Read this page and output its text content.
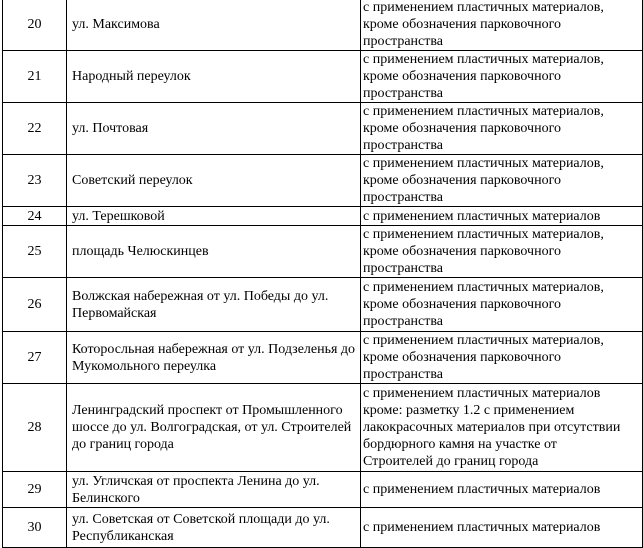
20	ул. Максимова	с применением пластичных материалов,
кроме обозначения парковочного
пространства

21	Народный переулок	с применением пластичных материалов,
кроме обозначения парковочного
пространства

22	ул. Почтовая	с применением пластичных материалов,
кроме обозначения парковочного
пространства

23	Советский переулок	с применением пластичных материалов,
кроме обозначения парковочного
пространства

24	ул. Терешковой	с применением пластичных материалов

25	площадь Челюскинцев	с применением пластичных материалов,
кроме обозначения парковочного
пространства

26	Волжская набережная от ул. Победы до ул. Первомайская	с применением пластичных материалов,
кроме обозначения парковочного
пространства

27	Которосльная набережная от ул. Подзеленья до Мукомольного переулка	с применением пластичных материалов,
кроме обозначения парковочного
пространства

28	Ленинградский проспект от Промышленного шоссе до ул. Волгоградская, от ул. Строителей до границ города	с применением пластичных материалов
кроме: разметку 1.2 с применением
лакокрасочных материалов при отсутствии
бордюрного камня на участке от
Строителей до границ города

29	ул. Угличская от проспекта Ленина до ул. Белинского	с применением пластичных материалов

30	ул. Советская от Советской площади до ул. Республиканская	с применением пластичных материалов
